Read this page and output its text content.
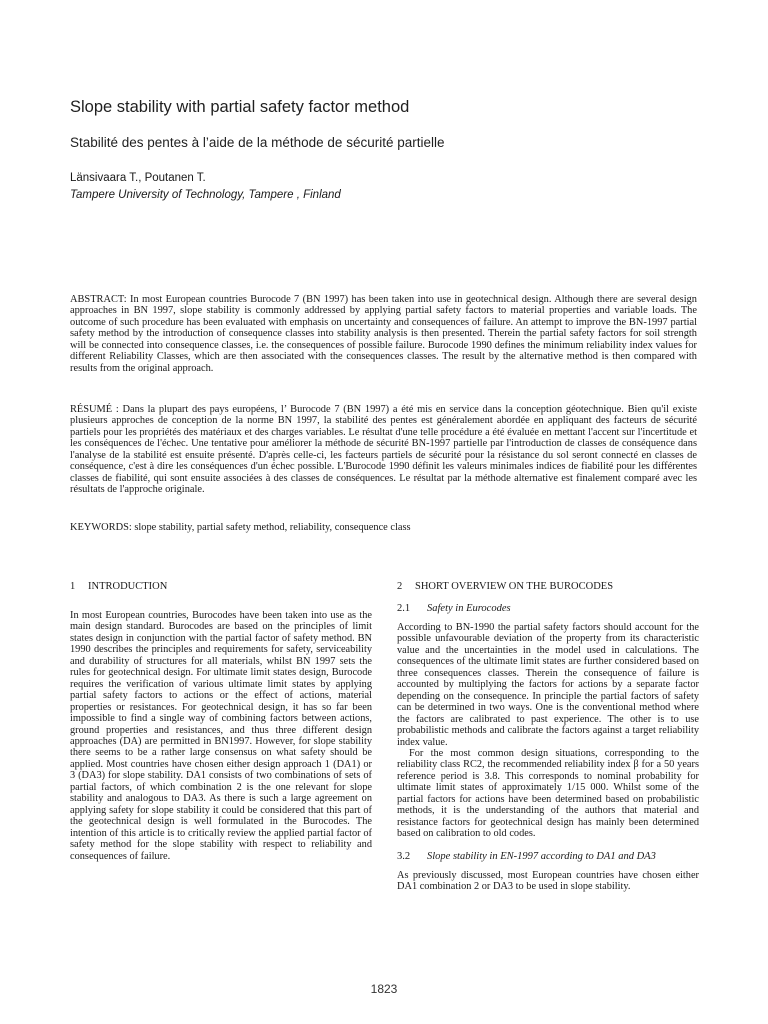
Slope stability with partial safety factor method
Stabilité des pentes à l’aide de la méthode de sécurité partielle
Länsivaara T., Poutanen T.
Tampere University of Technology, Tampere , Finland

ABSTRACT: In most European countries Burocode 7 (BN 1997) has been taken into use in geotechnical design. Although there are several design approaches in BN 1997, slope stability is commonly addressed by applying partial safety factors to material properties and variable loads. The outcome of such procedure has been evaluated with emphasis on uncertainty and consequences of failure. An attempt to improve the BN-1997 partial safety method by the introduction of consequence classes into stability analysis is then presented. Therein the partial safety factors for soil strength will be connected into consequence classes, i.e. the consequences of possible failure. Burocode 1990 defines the minimum reliability index values for different Reliability Classes, which are then associated with the consequences classes. The result by the alternative method is then compared with results from the original approach.

RÉSUMÉ : Dans la plupart des pays européens, l’ Burocode 7 (BN 1997) a été mis en service dans la conception géotechnique. Bien qu'il existe plusieurs approches de conception de la norme BN 1997, la stabilité des pentes est généralement abordée en appliquant des facteurs de sécurité partiels pour les propriétés des matériaux et des charges variables. Le résultat d'une telle procédure a été évaluée en mettant l'accent sur l'incertitude et les conséquences de l'échec. Une tentative pour améliorer la méthode de sécurité BN-1997 partielle par l'introduction de classes de conséquence dans l'analyse de la stabilité est ensuite présenté. D'après celle-ci, les facteurs partiels de sécurité pour la résistance du sol seront connecté en classes de conséquence, c'est à dire les conséquences d'un échec possible. L'Burocode 1990 définit les valeurs minimales indices de fiabilité pour les différentes classes de fiabilité, qui sont ensuite associées à des classes de conséquences. Le résultat par la méthode alternative est finalement comparé avec les résultats de l'approche originale.

KEYWORDS: slope stability, partial safety method, reliability, consequence class

1 INTRODUCTION

In most European countries, Burocodes have been taken into use as the main design standard. Burocodes are based on the principles of limit states design in conjunction with the partial factor of safety method. BN 1990 describes the principles and requirements for safety, serviceability and durability of structures for all materials, whilst BN 1997 sets the rules for geotechnical design. For ultimate limit states design, Burocode requires the verification of various ultimate limit states by applying partial safety factors to actions or the effect of actions, material properties or resistances. For geotechnical design, it has so far been impossible to find a single way of combining factors between actions, ground properties and resistances, and thus three different design approaches (DA) are permitted in BN1997. However, for slope stability there seems to be a rather large consensus on what safety should be applied. Most countries have chosen either design approach 1 (DA1) or 3 (DA3) for slope stability. DA1 consists of two combinations of sets of partial factors, of which combination 2 is the one relevant for slope stability and analogous to DA3. As there is such a large agreement on applying safety for slope stability it could be considered that this part of the geotechnical design is well formulated in the Burocodes. The intention of this article is to critically review the applied partial factor of safety method for the slope stability with respect to reliability and consequences of failure.

2 SHORT OVERVIEW ON THE BUROCODES
2.1 Safety in Eurocodes

According to BN-1990 the partial safety factors should account for the possible unfavourable deviation of the property from its characteristic value and the uncertainties in the model used in calculations. The consequences of the ultimate limit states are further considered based on three consequences classes. Therein the consequence of failure is accounted by multiplying the factors for actions by a separate factor depending on the consequence. In principle the partial factors of safety can be determined in two ways. One is the conventional method where the factors are calibrated to past experience. The other is to use probabilistic methods and calibrate the factors against a target reliability index value.

For the most common design situations, corresponding to the reliability class RC2, the recommended reliability index β for a 50 years reference period is 3.8. This corresponds to nominal probability for ultimate limit states of approximately 1/15 000. Whilst some of the partial factors for actions have been determined based on probabilistic methods, it is the understanding of the authors that material and resistance factors for geotechnical design has mainly been determined based on calibration to old codes.

3.2 Slope stability in EN-1997 according to DA1 and DA3

As previously discussed, most European countries have chosen either DA1 combination 2 or DA3 to be used in slope stability.

1823
